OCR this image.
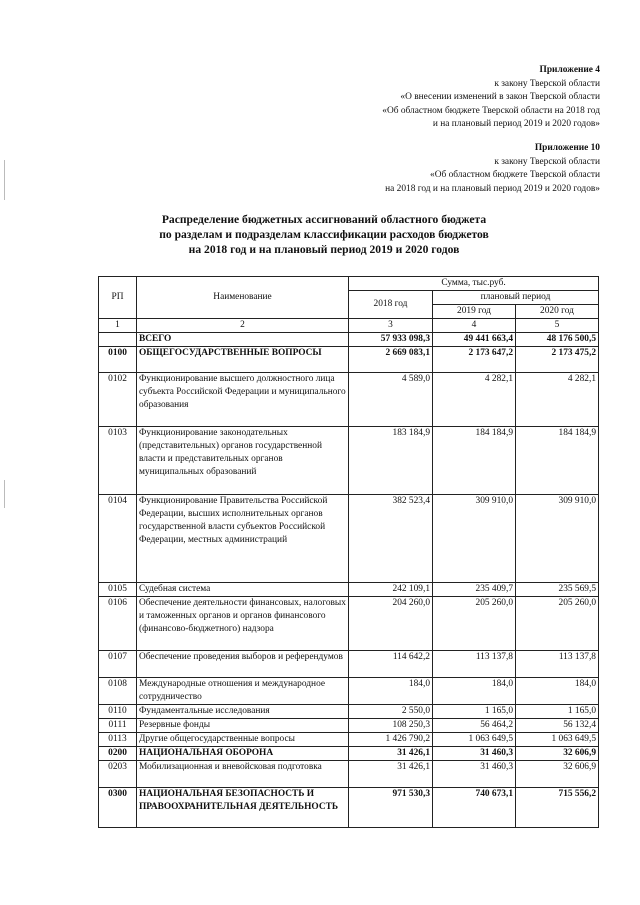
Приложение 4
к закону Тверской области
«О внесении изменений в закон Тверской области
«Об областном бюджете Тверской области на 2018 год
и на плановый период 2019 и 2020 годов»
Приложение 10
к закону Тверской области
«Об областном бюджете Тверской области
на 2018 год и на плановый период 2019 и 2020 годов»
Распределение бюджетных ассигнований областного бюджета
по разделам и подразделам классификации расходов бюджетов
на 2018 год и на плановый период 2019 и 2020 годов
РП	Наименование	Сумма, тыс.руб.		
		2018 год	плановый период	
			2019 год	2020 год
1	2	3	4	5
	ВСЕГО	57 933 098,3	49 441 663,4	48 176 500,5
0100	ОБЩЕГОСУДАРСТВЕННЫЕ ВОПРОСЫ	2 669 083,1	2 173 647,2	2 173 475,2
0102	Функционирование высшего должностного лица субъекта Российской Федерации и муниципального образования	4 589,0	4 282,1	4 282,1
0103	Функционирование законодательных (представительных) органов государственной власти и представительных органов муниципальных образований	183 184,9	184 184,9	184 184,9
0104	Функционирование Правительства Российской Федерации, высших исполнительных органов государственной власти субъектов Российской Федерации, местных администраций	382 523,4	309 910,0	309 910,0
0105	Судебная система	242 109,1	235 409,7	235 569,5
0106	Обеспечение деятельности финансовых, налоговых и таможенных органов и органов финансового (финансово-бюджетного) надзора	204 260,0	205 260,0	205 260,0
0107	Обеспечение проведения выборов и референдумов	114 642,2	113 137,8	113 137,8
0108	Международные отношения и международное сотрудничество	184,0	184,0	184,0
0110	Фундаментальные исследования	2 550,0	1 165,0	1 165,0
0111	Резервные фонды	108 250,3	56 464,2	56 132,4
0113	Другие общегосударственные вопросы	1 426 790,2	1 063 649,5	1 063 649,5
0200	НАЦИОНАЛЬНАЯ ОБОРОНА	31 426,1	31 460,3	32 606,9
0203	Мобилизационная и вневойсковая подготовка	31 426,1	31 460,3	32 606,9
0300	НАЦИОНАЛЬНАЯ БЕЗОПАСНОСТЬ И ПРАВООХРАНИТЕЛЬНАЯ ДЕЯТЕЛЬНОСТЬ	971 530,3	740 673,1	715 556,2
